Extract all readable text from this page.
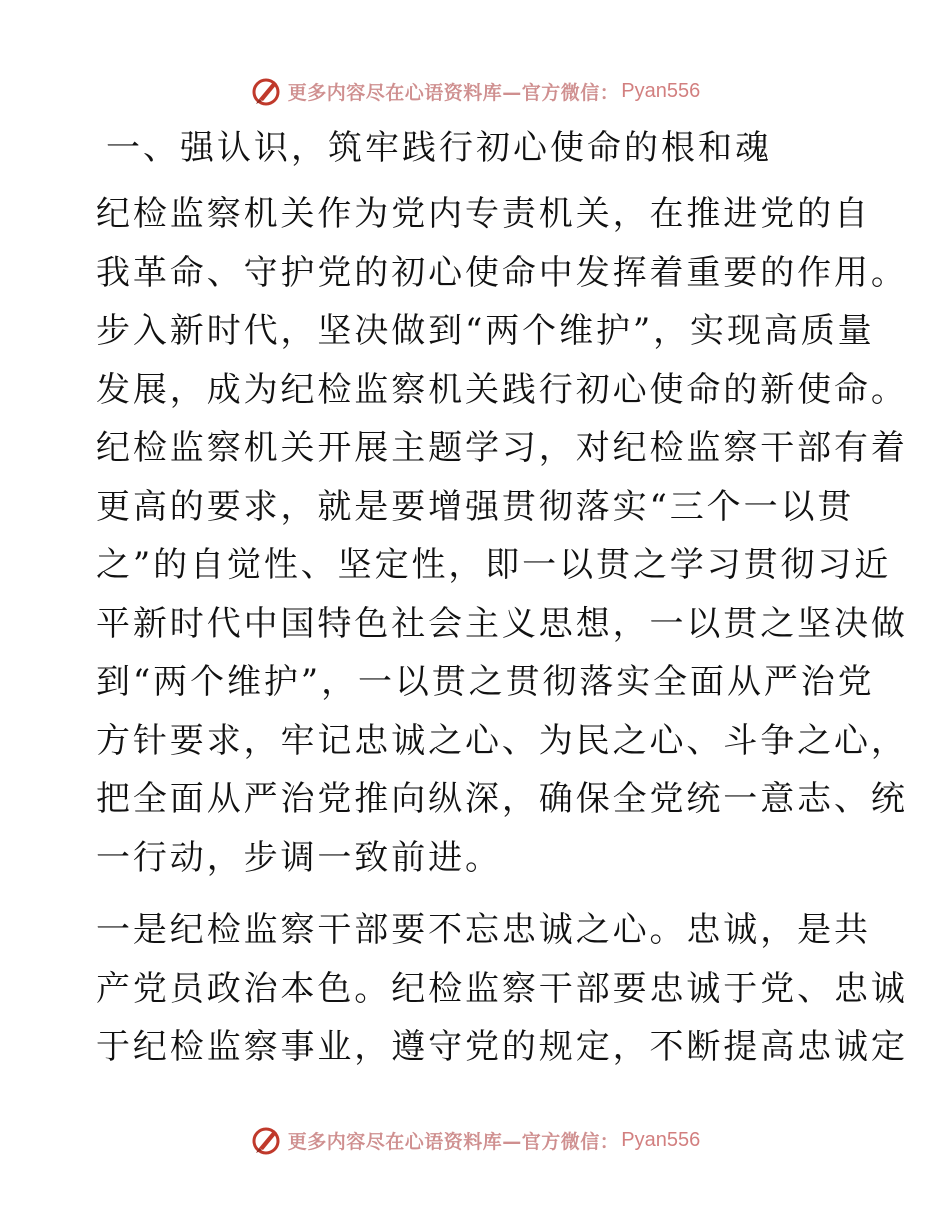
更多内容尽在心语资料库—官方微信： Pyan556
一、强认识，筑牢践行初心使命的根和魂
纪检监察机关作为党内专责机关，在推进党的自
我革命、守护党的初心使命中发挥着重要的作用。
步入新时代，坚决做到“两个维护”，实现高质量
发展，成为纪检监察机关践行初心使命的新使命。
纪检监察机关开展主题学习，对纪检监察干部有着
更高的要求，就是要增强贯彻落实“三个一以贯
之”的自觉性、坚定性，即一以贯之学习贯彻习近
平新时代中国特色社会主义思想，一以贯之坚决做
到“两个维护”，一以贯之贯彻落实全面从严治党
方针要求，牢记忠诚之心、为民之心、斗争之心，
把全面从严治党推向纵深，确保全党统一意志、统
一行动，步调一致前进。
一是纪检监察干部要不忘忠诚之心。忠诚，是共
产党员政治本色。纪检监察干部要忠诚于党、忠诚
于纪检监察事业，遵守党的规定，不断提高忠诚定
更多内容尽在心语资料库—官方微信： Pyan556
